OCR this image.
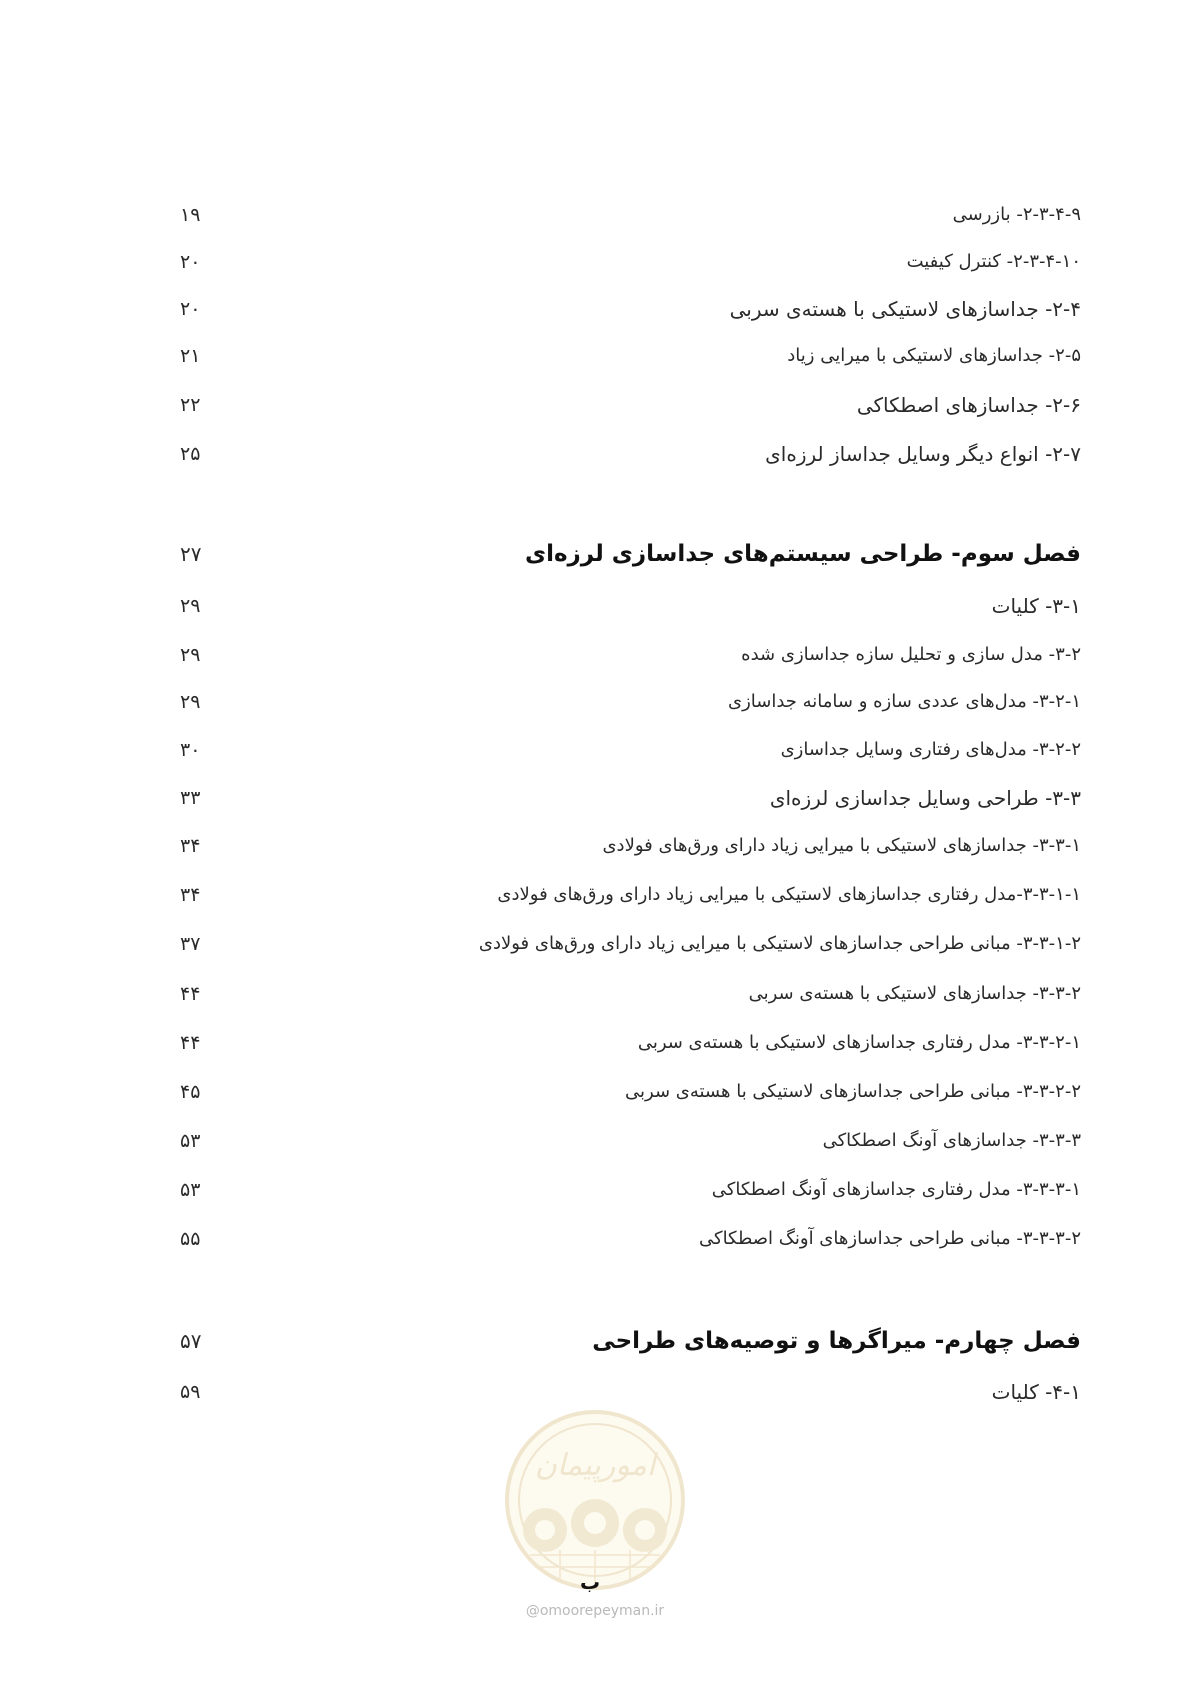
۲-۳-۴-۹- بازرسی
۱۹
۲-۳-۴-۱۰- کنترل کیفیت
۲۰
۲-۴- جداسازهای لاستیکی با هسته‌ی سربی
۲۰
۲-۵- جداسازهای لاستیکی با میرایی زیاد
۲۱
۲-۶- جداسازهای اصطکاکی
۲۲
۲-۷- انواع دیگر وسایل جداساز لرزه‌ای
۲۵
فصل سوم- طراحی سیستم‌های جداسازی لرزه‌ای
۲۷
۳-۱- کلیات
۲۹
۳-۲- مدل سازی و تحلیل سازه جداسازی شده
۲۹
۳-۲-۱- مدل‌های عددی سازه و سامانه جداسازی
۲۹
۳-۲-۲- مدل‌های رفتاری وسایل جداسازی
۳۰
۳-۳- طراحی وسایل جداسازی لرزه‌ای
۳۳
۳-۳-۱- جداسازهای لاستیکی با میرایی زیاد دارای ورق‌های فولادی
۳۴
۳-۳-۱-۱-مدل رفتاری جداسازهای لاستیکی با میرایی زیاد دارای ورق‌های فولادی
۳۴
۳-۳-۱-۲- مبانی طراحی جداسازهای لاستیکی با میرایی زیاد دارای ورق‌های فولادی
۳۷
۳-۳-۲- جداسازهای لاستیکی با هسته‌ی سربی
۴۴
۳-۳-۲-۱- مدل رفتاری جداسازهای لاستیکی با هسته‌ی سربی
۴۴
۳-۳-۲-۲- مبانی طراحی جداسازهای لاستیکی با هسته‌ی سربی
۴۵
۳-۳-۳- جداسازهای آونگ اصطکاکی
۵۳
۳-۳-۳-۱- مدل رفتاری جداسازهای آونگ اصطکاکی
۵۳
۳-۳-۳-۲- مبانی طراحی جداسازهای آونگ اصطکاکی
۵۵
فصل چهارم- میراگرها و توصیه‌های طراحی
۵۷
۴-۱- کلیات
۵۹
امورپیمان
ب
@omoorepeyman.ir
